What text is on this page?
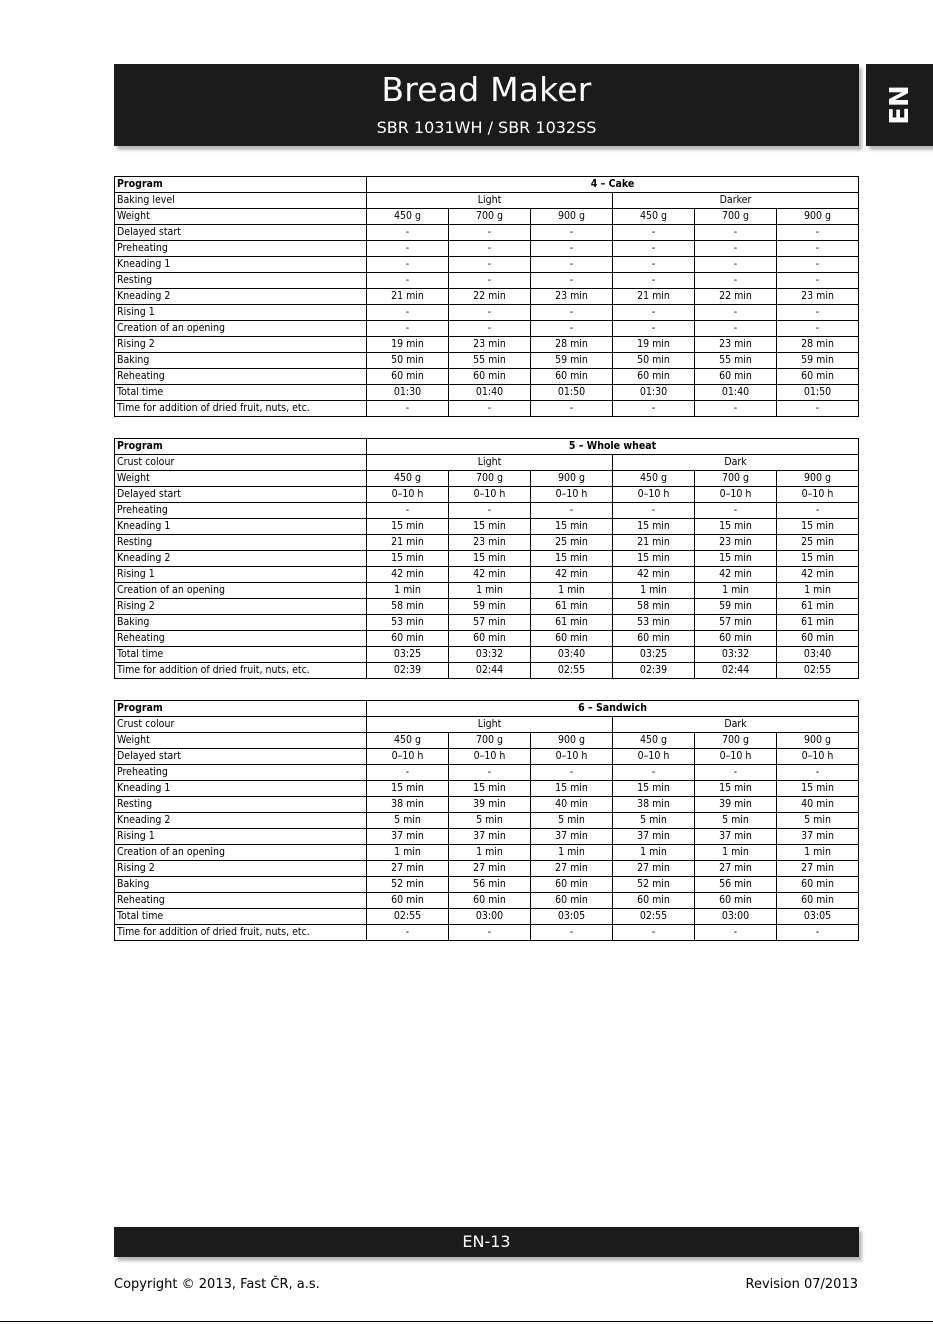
Bread Maker
SBR 1031WH / SBR 1032SS
EN
Program	4 – Cake					
Baking level	Light			Darker		
Weight	450 g	700 g	900 g	450 g	700 g	900 g
Delayed start	-	-	-	-	-	-
Preheating	-	-	-	-	-	-
Kneading 1	-	-	-	-	-	-
Resting	-	-	-	-	-	-
Kneading 2	21 min	22 min	23 min	21 min	22 min	23 min
Rising 1	-	-	-	-	-	-
Creation of an opening	-	-	-	-	-	-
Rising 2	19 min	23 min	28 min	19 min	23 min	28 min
Baking	50 min	55 min	59 min	50 min	55 min	59 min
Reheating	60 min	60 min	60 min	60 min	60 min	60 min
Total time	01:30	01:40	01:50	01:30	01:40	01:50
Time for addition of dried fruit, nuts, etc.	-	-	-	-	-	-
Program	5 – Whole wheat					
Crust colour	Light			Dark		
Weight	450 g	700 g	900 g	450 g	700 g	900 g
Delayed start	0–10 h	0–10 h	0–10 h	0–10 h	0–10 h	0–10 h
Preheating	-	-	-	-	-	-
Kneading 1	15 min	15 min	15 min	15 min	15 min	15 min
Resting	21 min	23 min	25 min	21 min	23 min	25 min
Kneading 2	15 min	15 min	15 min	15 min	15 min	15 min
Rising 1	42 min	42 min	42 min	42 min	42 min	42 min
Creation of an opening	1 min	1 min	1 min	1 min	1 min	1 min
Rising 2	58 min	59 min	61 min	58 min	59 min	61 min
Baking	53 min	57 min	61 min	53 min	57 min	61 min
Reheating	60 min	60 min	60 min	60 min	60 min	60 min
Total time	03:25	03:32	03:40	03:25	03:32	03:40
Time for addition of dried fruit, nuts, etc.	02:39	02:44	02:55	02:39	02:44	02:55
Program	6 – Sandwich					
Crust colour	Light			Dark		
Weight	450 g	700 g	900 g	450 g	700 g	900 g
Delayed start	0–10 h	0–10 h	0–10 h	0–10 h	0–10 h	0–10 h
Preheating	-	-	-	-	-	-
Kneading 1	15 min	15 min	15 min	15 min	15 min	15 min
Resting	38 min	39 min	40 min	38 min	39 min	40 min
Kneading 2	5 min	5 min	5 min	5 min	5 min	5 min
Rising 1	37 min	37 min	37 min	37 min	37 min	37 min
Creation of an opening	1 min	1 min	1 min	1 min	1 min	1 min
Rising 2	27 min	27 min	27 min	27 min	27 min	27 min
Baking	52 min	56 min	60 min	52 min	56 min	60 min
Reheating	60 min	60 min	60 min	60 min	60 min	60 min
Total time	02:55	03:00	03:05	02:55	03:00	03:05
Time for addition of dried fruit, nuts, etc.	-	-	-	-	-	-
EN-13
Copyright © 2013, Fast ČR, a.s.	Revision 07/2013
